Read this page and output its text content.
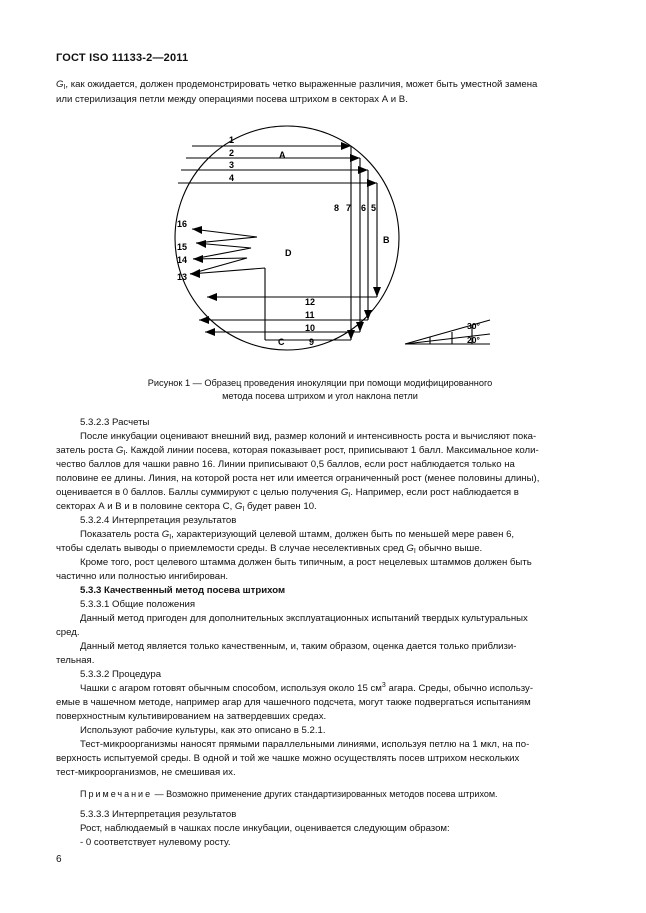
ГОСТ ISO 11133-2—2011
$G_I$, как ожидается, должен продемонстрировать четко выраженные различия, может быть уместной замена
или стерилизация петли между операциями посева штрихом в секторах А и В.
1
2
3
4
5
6
7
8
9
10
11
12
13
14
15
16
A
B
C
D
30°
20°
Рисунок 1 — Образец проведения инокуляции при помощи модифицированного
метода посева штрихом и угол наклона петли
5.3.2.3 Расчеты
После инкубации оценивают внешний вид, размер колоний и интенсивность роста и вычисляют пока-
затель роста $G_I$. Каждой линии посева, которая показывает рост, приписывают 1 балл. Максимальное коли-
чество баллов для чашки равно 16. Линии приписывают 0,5 баллов, если рост наблюдается только на
половине ее длины. Линия, на которой роста нет или имеется ограниченный рост (менее половины длины),
оценивается в 0 баллов. Баллы суммируют с целью получения $G_I$. Например, если рост наблюдается в
секторах А и В и в половине сектора С, $G_I$ будет равен 10.
5.3.2.4 Интерпретация результатов
Показатель роста $G_I$, характеризующий целевой штамм, должен быть по меньшей мере равен 6,
чтобы сделать выводы о приемлемости среды. В случае неселективных сред $G_I$ обычно выше.
Кроме того, рост целевого штамма должен быть типичным, а рост нецелевых штаммов должен быть
частично или полностью ингибирован.
5.3.3 Качественный метод посева штрихом
5.3.3.1 Общие положения
Данный метод пригоден для дополнительных эксплуатационных испытаний твердых культуральных
сред.
Данный метод является только качественным, и, таким образом, оценка дается только приблизи-
тельная.
5.3.3.2 Процедура
Чашки с агаром готовят обычным способом, используя около 15 $см^3$ агара. Среды, обычно использу-
емые в чашечном методе, например агар для чашечного подсчета, могут также подвергаться испытаниям
поверхностным культивированием на затвердевших средах.
Используют рабочие культуры, как это описано в 5.2.1.
Тест-микроорганизмы наносят прямыми параллельными линиями, используя петлю на 1 мкл, на по-
верхность испытуемой среды. В одной и той же чашке можно осуществлять посев штрихом нескольких
тест-микроорганизмов, не смешивая их.
Примечание — Возможно применение других стандартизированных методов посева штрихом.
5.3.3.3 Интерпретация результатов
Рост, наблюдаемый в чашках после инкубации, оценивается следующим образом:
- 0 соответствует нулевому росту.
6
